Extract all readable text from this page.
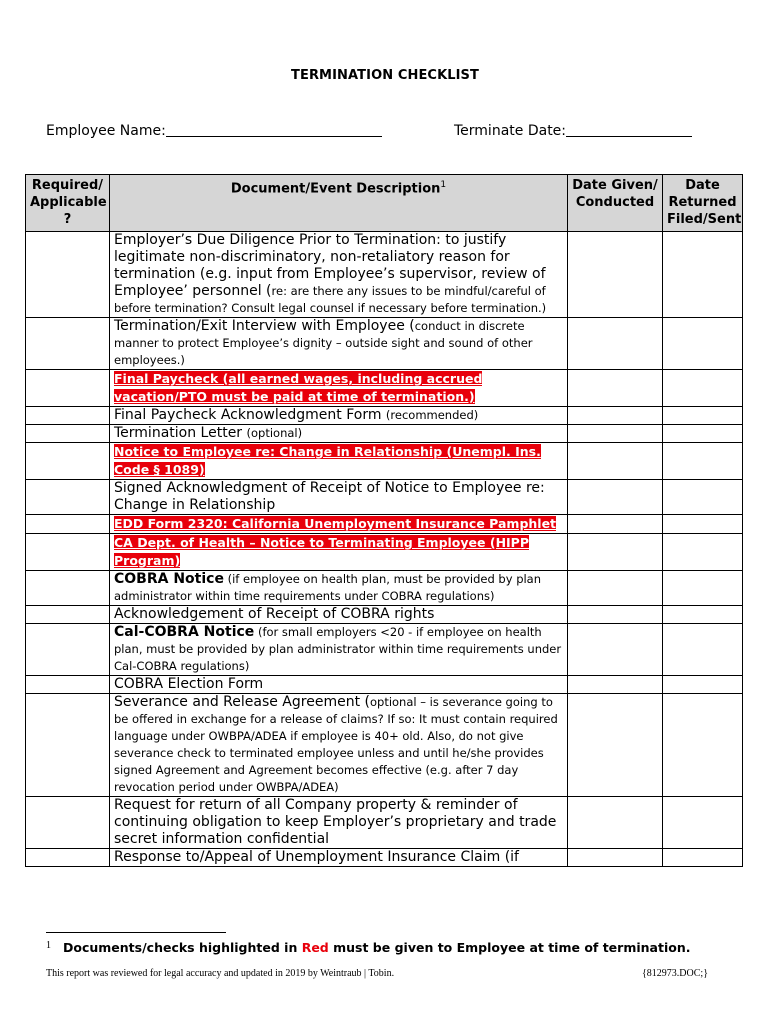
TERMINATION CHECKLIST
Employee Name:	Terminate Date:
Required/ Applicable ?	Document/Event Description$^1$	Date Given/ Conducted	Date Returned Filed/Sent
	Employer’s Due Diligence Prior to Termination: to justify legitimate non-discriminatory, non-retaliatory reason for termination (e.g. input from Employee’s supervisor, review of Employee’ personnel (re: are there any issues to be mindful/careful of before termination? Consult legal counsel if necessary before termination.)		
	Termination/Exit Interview with Employee (conduct in discrete manner to protect Employee’s dignity – outside sight and sound of other employees.)		
	Final Paycheck (all earned wages, including accrued vacation/PTO must be paid at time of termination.)		
	Final Paycheck Acknowledgment Form (recommended)		
	Termination Letter (optional)		
	Notice to Employee re: Change in Relationship (Unempl. Ins. Code § 1089)		
	Signed Acknowledgment of Receipt of Notice to Employee re: Change in Relationship		
	EDD Form 2320: California Unemployment Insurance Pamphlet		
	CA Dept. of Health – Notice to Terminating Employee (HIPP Program)		
	COBRA Notice (if employee on health plan, must be provided by plan administrator within time requirements under COBRA regulations)		
	Acknowledgement of Receipt of COBRA rights		
	Cal-COBRA Notice (for small employers <20 - if employee on health plan, must be provided by plan administrator within time requirements under Cal-COBRA regulations)		
	COBRA Election Form		
	Severance and Release Agreement (optional – is severance going to be offered in exchange for a release of claims? If so: It must contain required language under OWBPA/ADEA if employee is 40+ old. Also, do not give severance check to terminated employee unless and until he/she provides signed Agreement and Agreement becomes effective (e.g. after 7 day revocation period under OWBPA/ADEA)		
	Request for return of all Company property & reminder of continuing obligation to keep Employer’s proprietary and trade secret information confidential		
	Response to/Appeal of Unemployment Insurance Claim (if		
$^1$ Documents/checks highlighted in Red must be given to Employee at time of termination.
This report was reviewed for legal accuracy and updated in 2019 by Weintraub | Tobin.	{812973.DOC;}
